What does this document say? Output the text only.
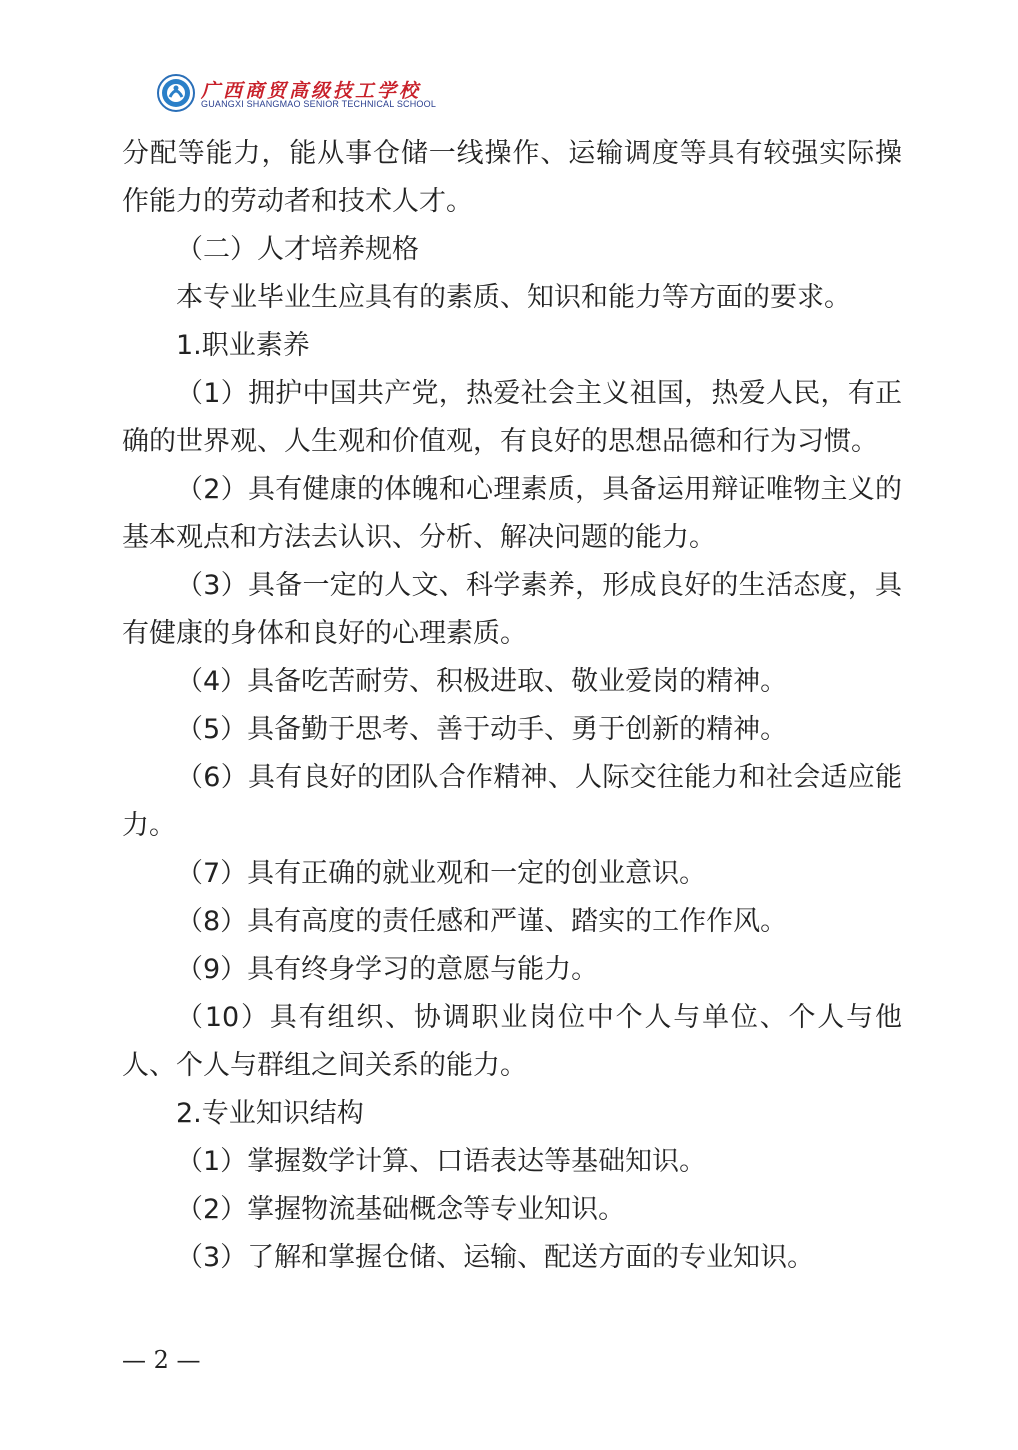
广西商贸高级技工学校
GUANGXI SHANGMAO SENIOR TECHNICAL SCHOOL

分配等能力，能从事仓储一线操作、运输调度等具有较强实际操作能力的劳动者和技术人才。

（二）人才培养规格

本专业毕业生应具有的素质、知识和能力等方面的要求。

1.职业素养

（1）拥护中国共产党，热爱社会主义祖国，热爱人民，有正确的世界观、人生观和价值观，有良好的思想品德和行为习惯。

（2）具有健康的体魄和心理素质，具备运用辩证唯物主义的基本观点和方法去认识、分析、解决问题的能力。

（3）具备一定的人文、科学素养，形成良好的生活态度，具有健康的身体和良好的心理素质。

（4）具备吃苦耐劳、积极进取、敬业爱岗的精神。

（5）具备勤于思考、善于动手、勇于创新的精神。

（6）具有良好的团队合作精神、人际交往能力和社会适应能力。

（7）具有正确的就业观和一定的创业意识。

（8）具有高度的责任感和严谨、踏实的工作作风。

（9）具有终身学习的意愿与能力。

（10）具有组织、协调职业岗位中个人与单位、个人与他人、个人与群组之间关系的能力。

2.专业知识结构

（1）掌握数学计算、口语表达等基础知识。

（2）掌握物流基础概念等专业知识。

（3）了解和掌握仓储、运输、配送方面的专业知识。

— 2 —
